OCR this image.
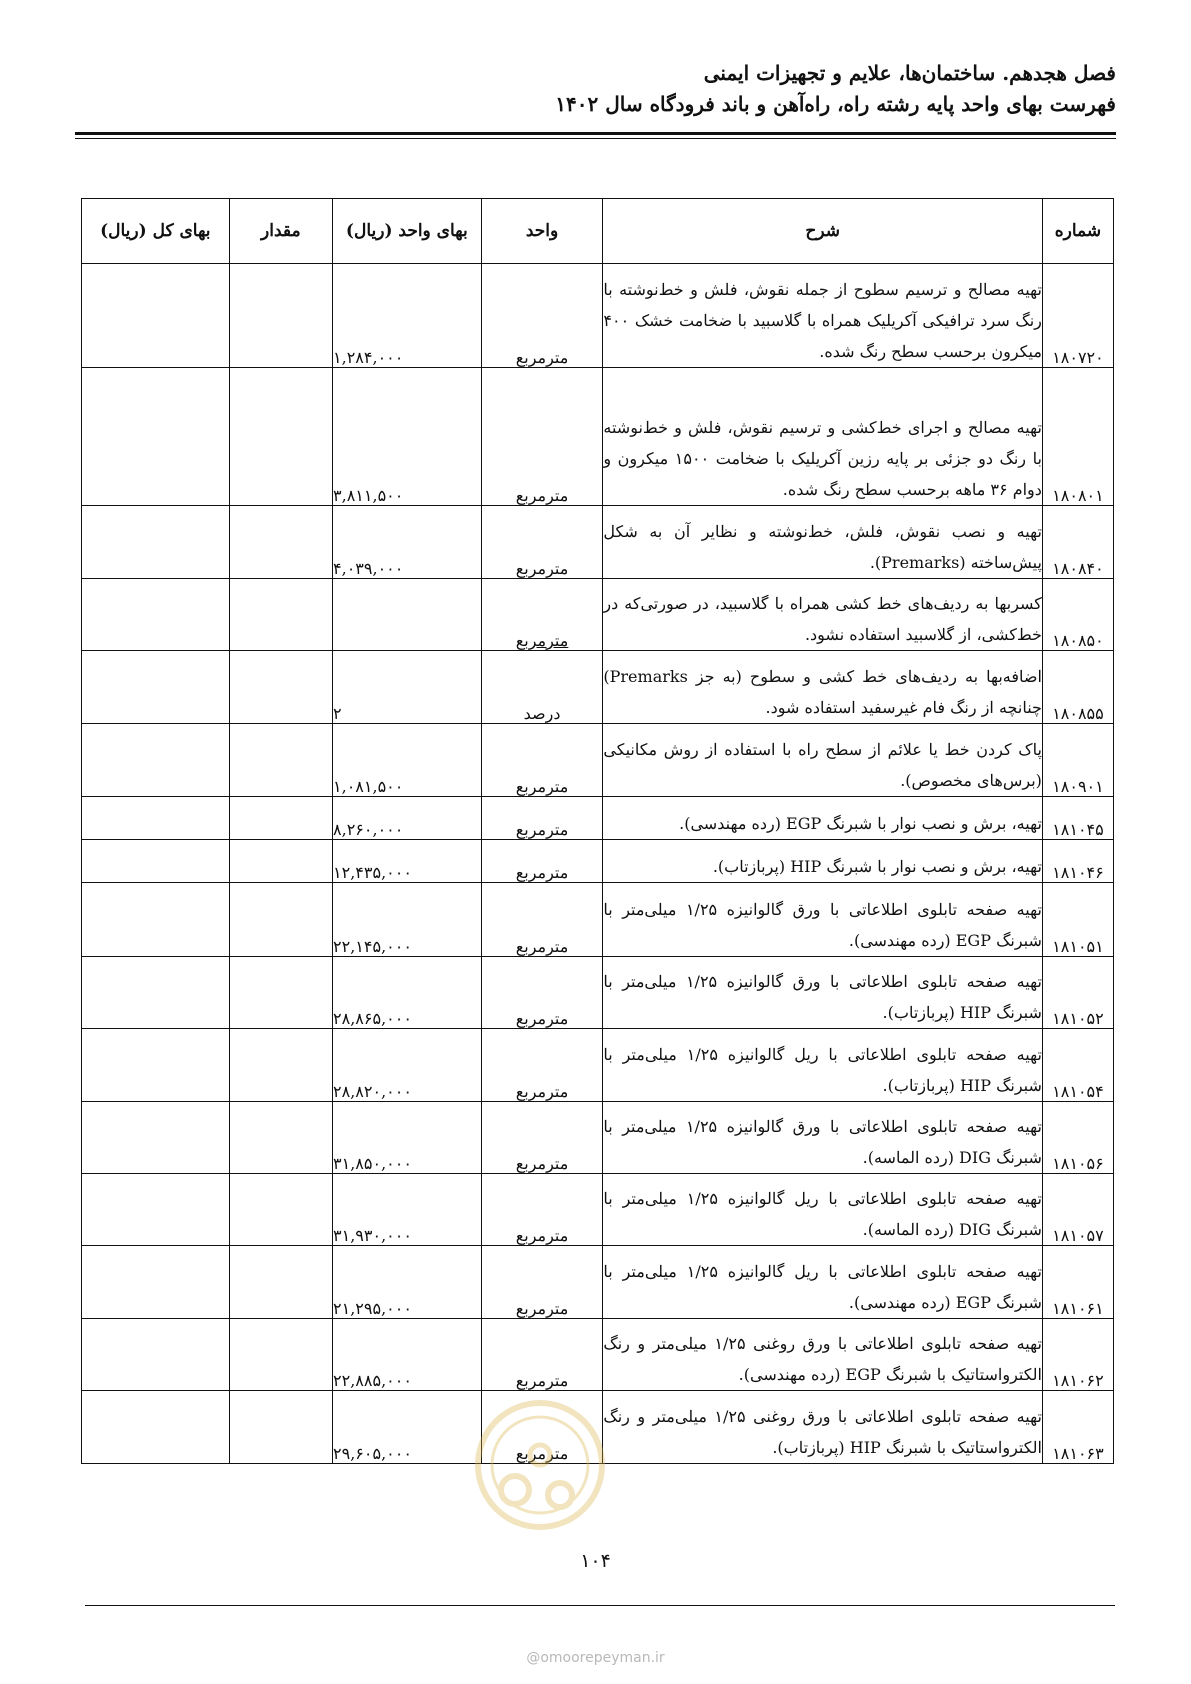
فصل هجدهم. ساختمان‌ها، علایم و تجهیزات ایمنی
فهرست بهای واحد پایه رشته راه، راه‌آهن و باند فرودگاه سال ۱۴۰۲
شماره	شرح	واحد	بهای واحد (ریال)	مقدار	بهای کل (ریال)
۱۸۰۷۲۰	تهیه مصالح و ترسیم سطوح از جمله نقوش، فلش و خط‌نوشته با رنگ سرد ترافیکی آکریلیک همراه با گلاسبید با ضخامت خشک ۴۰۰ میکرون برحسب سطح رنگ شده.	مترمربع	۱,۲۸۴,۰۰۰		
۱۸۰۸۰۱	تهیه مصالح و اجرای خط‌کشی و ترسیم نقوش، فلش و خط‌نوشته با رنگ دو جزئی بر پایه رزین آکریلیک با ضخامت ۱۵۰۰ میکرون و دوام ۳۶ ماهه برحسب سطح رنگ شده.	مترمربع	۳,۸۱۱,۵۰۰		
۱۸۰۸۴۰	تهیه و نصب نقوش، فلش، خط‌نوشته و نظایر آن به شکل پیش‌ساخته (Premarks).	مترمربع	۴,۰۳۹,۰۰۰		
۱۸۰۸۵۰	کسربها به ردیف‌های خط کشی همراه با گلاسبید، در صورتی‌که در خط‌کشی، از گلاسبید استفاده نشود.	مترمربع			
۱۸۰۸۵۵	اضافه‌بها به ردیف‌های خط کشی و سطوح (به جز Premarks) چنانچه از رنگ فام غیرسفید استفاده شود.	درصد	۲		
۱۸۰۹۰۱	پاک کردن خط یا علائم از سطح راه با استفاده از روش مکانیکی (برس‌های مخصوص).	مترمربع	۱,۰۸۱,۵۰۰		
۱۸۱۰۴۵	تهیه، برش و نصب نوار با شبرنگ EGP (رده مهندسی).	مترمربع	۸,۲۶۰,۰۰۰		
۱۸۱۰۴۶	تهیه، برش و نصب نوار با شبرنگ HIP (پربازتاب).	مترمربع	۱۲,۴۳۵,۰۰۰		
۱۸۱۰۵۱	تهیه صفحه تابلوی اطلاعاتی با ورق گالوانیزه ۱/۲۵ میلی‌متر با شبرنگ EGP (رده مهندسی).	مترمربع	۲۲,۱۴۵,۰۰۰		
۱۸۱۰۵۲	تهیه صفحه تابلوی اطلاعاتی با ورق گالوانیزه ۱/۲۵ میلی‌متر با شبرنگ HIP (پربازتاب).	مترمربع	۲۸,۸۶۵,۰۰۰		
۱۸۱۰۵۴	تهیه صفحه تابلوی اطلاعاتی با ریل گالوانیزه ۱/۲۵ میلی‌متر با شبرنگ HIP (پربازتاب).	مترمربع	۲۸,۸۲۰,۰۰۰		
۱۸۱۰۵۶	تهیه صفحه تابلوی اطلاعاتی با ورق گالوانیزه ۱/۲۵ میلی‌متر با شبرنگ DIG (رده الماسه).	مترمربع	۳۱,۸۵۰,۰۰۰		
۱۸۱۰۵۷	تهیه صفحه تابلوی اطلاعاتی با ریل گالوانیزه ۱/۲۵ میلی‌متر با شبرنگ DIG (رده الماسه).	مترمربع	۳۱,۹۳۰,۰۰۰		
۱۸۱۰۶۱	تهیه صفحه تابلوی اطلاعاتی با ریل گالوانیزه ۱/۲۵ میلی‌متر با شبرنگ EGP (رده مهندسی).	مترمربع	۲۱,۲۹۵,۰۰۰		
۱۸۱۰۶۲	تهیه صفحه تابلوی اطلاعاتی با ورق روغنی ۱/۲۵ میلی‌متر و رنگ الکترواستاتیک با شبرنگ EGP (رده مهندسی).	مترمربع	۲۲,۸۸۵,۰۰۰		
۱۸۱۰۶۳	تهیه صفحه تابلوی اطلاعاتی با ورق روغنی ۱/۲۵ میلی‌متر و رنگ الکترواستاتیک با شبرنگ HIP (پربازتاب).	مترمربع	۲۹,۶۰۵,۰۰۰		
۱۰۴
@omoorepeyman.ir
